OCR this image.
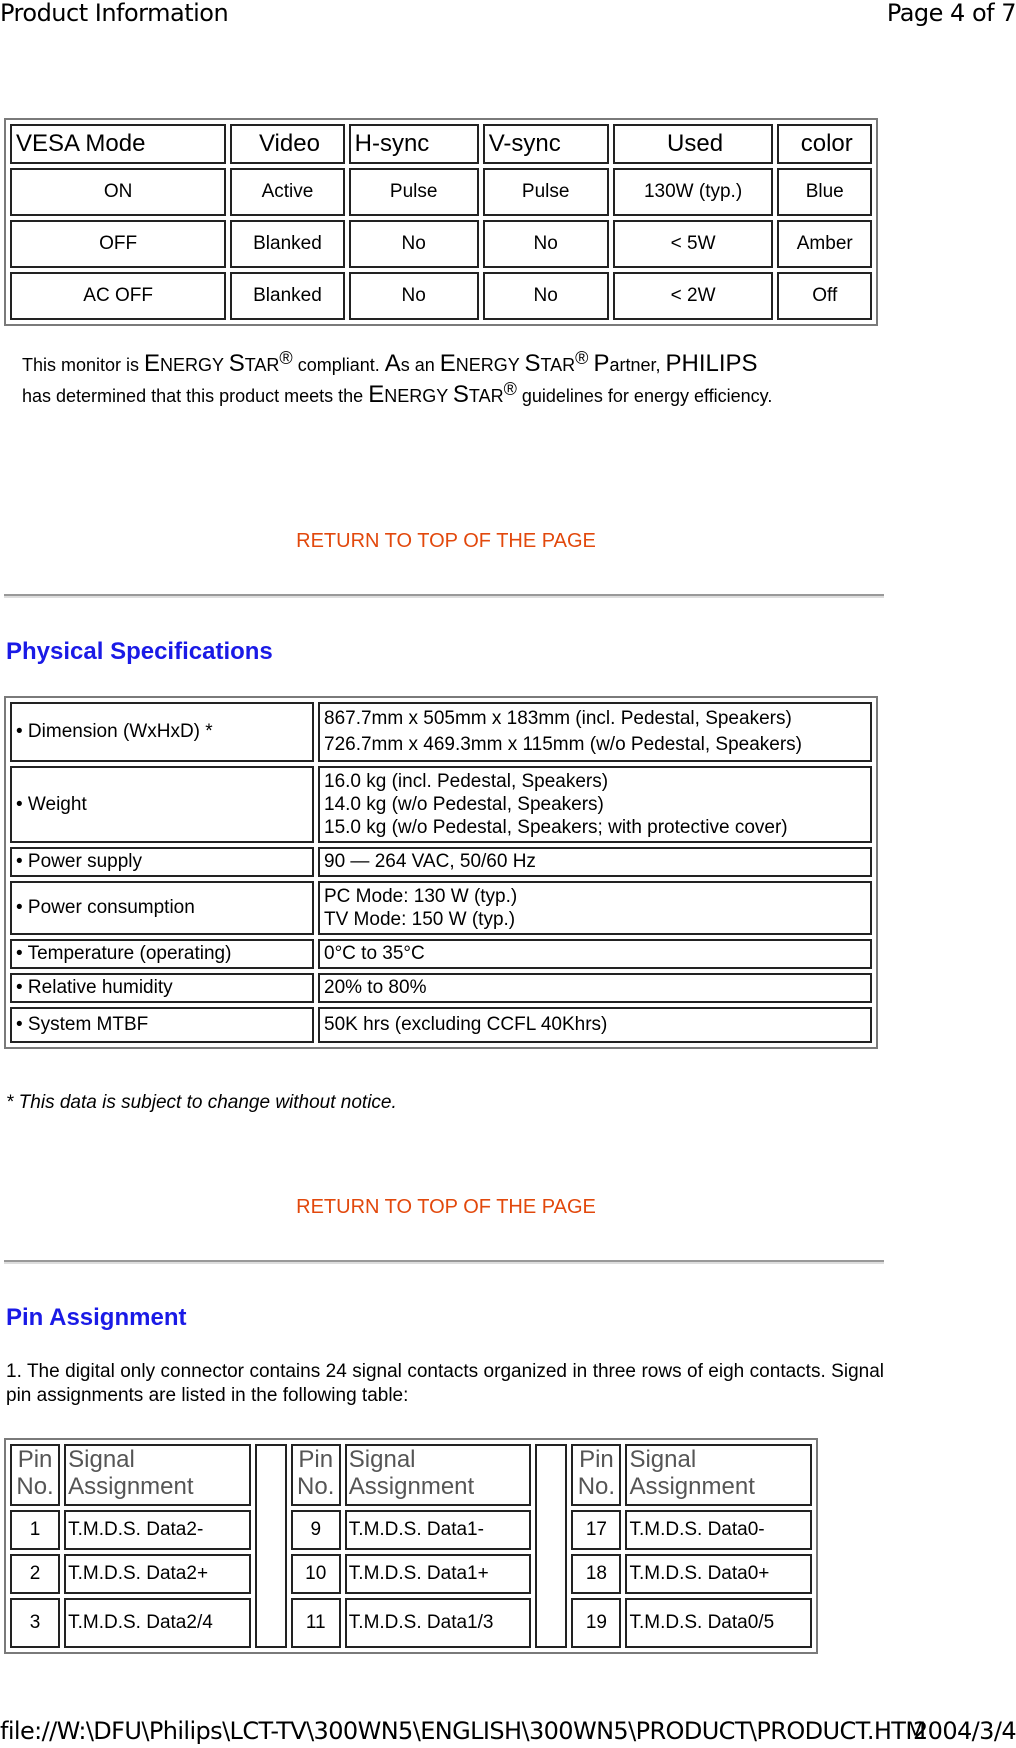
Product Information	Page 4 of 7
VESA Mode	Video	H-sync	V-sync	Used	color
ON	Active	Pulse	Pulse	130W (typ.)	Blue
OFF	Blanked	No	No	< 5W	Amber
AC OFF	Blanked	No	No	< 2W	Off
This monitor is ENERGY STAR® compliant. As an ENERGY STAR® Partner, PHILIPS
has determined that this product meets the ENERGY STAR® guidelines for energy efficiency.
RETURN TO TOP OF THE PAGE
Physical Specifications
• Dimension (WxHxD) *	867.7mm x 505mm x 183mm (incl. Pedestal, Speakers)
726.7mm x 469.3mm x 115mm (w/o Pedestal, Speakers)
• Weight	16.0 kg (incl. Pedestal, Speakers)
14.0 kg (w/o Pedestal, Speakers)
15.0 kg (w/o Pedestal, Speakers; with protective cover)
• Power supply	90 — 264 VAC, 50/60 Hz
• Power consumption	PC Mode: 130 W (typ.)
TV Mode: 150 W (typ.)
• Temperature (operating)	0°C to 35°C
• Relative humidity	20% to 80%
• System MTBF	50K hrs (excluding CCFL 40Khrs)
* This data is subject to change without notice.
RETURN TO TOP OF THE PAGE
Pin Assignment
1. The digital only connector contains 24 signal contacts organized in three rows of eigh contacts. Signal pin assignments are listed in the following table:
Pin
No.	Signal
Assignment		Pin
No.	Signal
Assignment		Pin
No.	Signal
Assignment
1	T.M.D.S. Data2-		9	T.M.D.S. Data1-		17	T.M.D.S. Data0-
2	T.M.D.S. Data2+		10	T.M.D.S. Data1+		18	T.M.D.S. Data0+
3	T.M.D.S. Data2/4		11	T.M.D.S. Data1/3		19	T.M.D.S. Data0/5
file://W:\DFU\Philips\LCT-TV\300WN5\ENGLISH\300WN5\PRODUCT\PRODUCT.HTM
2004/3/4
